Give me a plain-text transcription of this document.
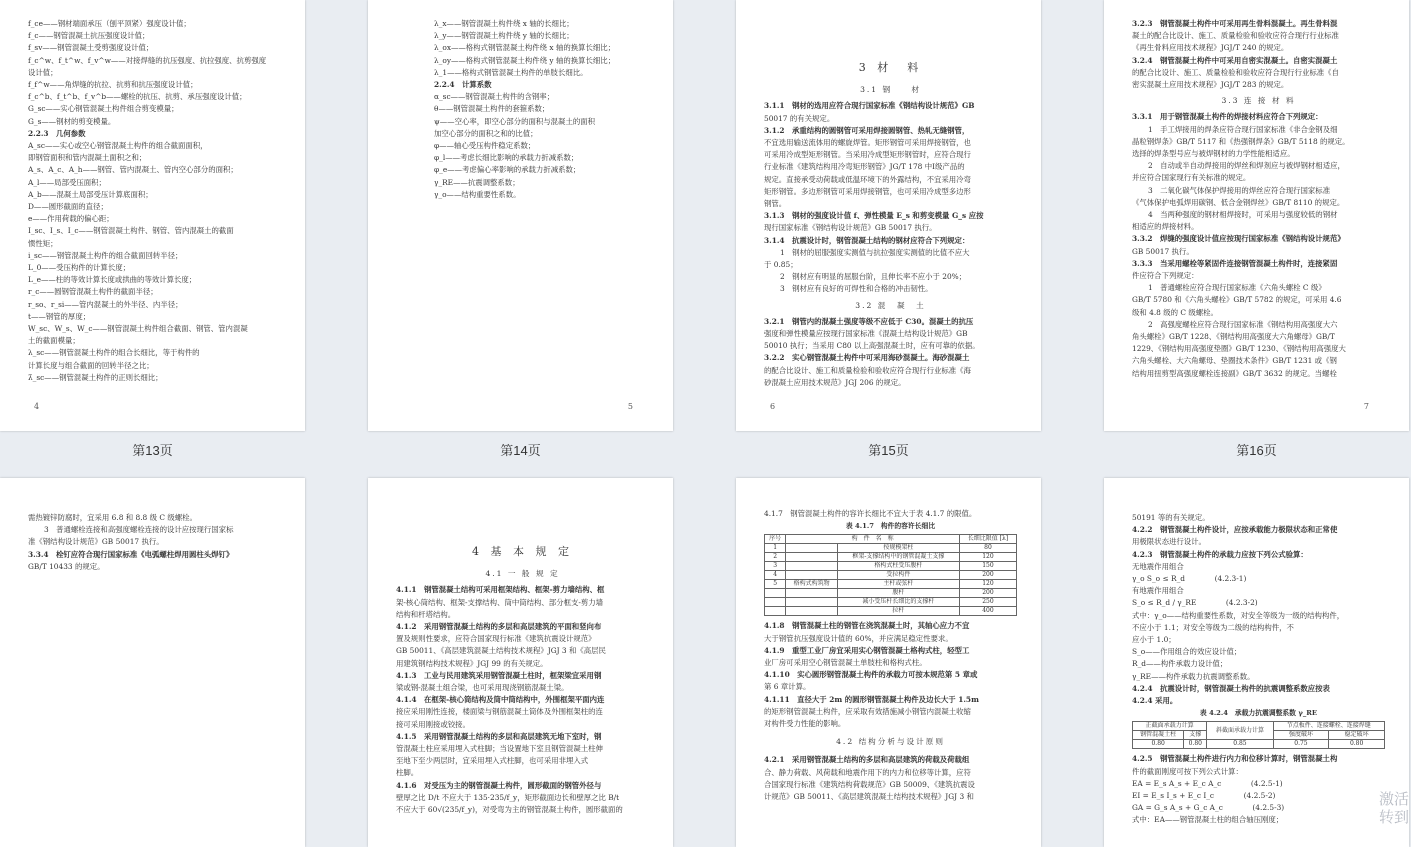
f_ce——钢材端面承压（刨平顶紧）强度设计值；
f_c——钢管混凝土抗压强度设计值；
f_sv——钢管混凝土受剪强度设计值；
f_c^w、f_t^w、f_v^w——对接焊缝的抗压强度、抗拉强度、抗剪强度
设计值；
f_f^w——角焊缝的抗拉、抗剪和抗压强度设计值；
f_c^b、f_t^b、f_v^b——螺栓的抗压、抗剪、承压强度设计值；
G_sc——实心钢管混凝土构件组合剪变模量；
G_s——钢材的剪变模量。
2.2.3　几何参数
A_sc——实心或空心钢管混凝土构件的组合截面面积，
即钢管面积和管内混凝土面积之和；
A_s、A_c、A_h——钢管、管内混凝土、管内空心部分的面积；
A_l——局部受压面积；
A_b——混凝土局部受压计算底面积；
D——圆形截面的直径；
e——作用荷载的偏心距；
I_sc、I_s、I_c——钢管混凝土构件、钢管、管内混凝土的截面
惯性矩；
i_sc——钢管混凝土构件的组合截面回转半径；
L_0——受压构件的计算长度；
L_e——柱的等效计算长度或拱曲的等效计算长度；
r_c——圆钢管混凝土构件的截面半径；
r_so、r_si——管内混凝土的外半径、内半径；
t——钢管的厚度；
W_sc、W_s、W_c——钢管混凝土构件组合截面、钢管、管内混凝
土的截面模量；
λ_sc——钢管混凝土构件的组合长细比，等于构件的
计算长度与组合截面的回转半径之比；
λ̄_sc——钢管混凝土构件的正则长细比；
4
第13页
λ_x——钢管混凝土构件绕 x 轴的长细比；
λ_y——钢管混凝土构件绕 y 轴的长细比；
λ_ox——格构式钢管混凝土构件绕 x 轴的换算长细比；
λ_oy——格构式钢管混凝土构件绕 y 轴的换算长细比；
λ_1——格构式钢管混凝土构件的单肢长细比。
2.2.4　计算系数
α_sc——钢管混凝土构件的含钢率；
θ——钢管混凝土构件的套箍系数；
ψ——空心率，即空心部分的面积与混凝土的面积
加空心部分的面积之和的比值；
φ——轴心受压构件稳定系数；
φ_l——考虑长细比影响的承载力折减系数；
φ_e——考虑偏心率影响的承载力折减系数；
γ_RE——抗震调整系数；
γ_o——结构重要性系数。
5
第14页
3 材　料
3.1 钢　　材
3.1.1　钢材的选用应符合现行国家标准《钢结构设计规范》GB
50017 的有关规定。
3.1.2　承重结构的圆钢管可采用焊接圆钢管、热轧无缝钢管，
不宜选用输送流体用的螺旋焊管。矩形钢管可采用焊接钢管，也
可采用冷成型矩形钢管。当采用冷成型矩形钢管时，应符合现行
行业标准《建筑结构用冷弯矩形钢管》JG/T 178 中Ⅰ级产品的
规定。直接承受动荷载或低温环境下的外露结构，不宜采用冷弯
矩形钢管。多边形钢管可采用焊接钢管，也可采用冷成型多边形
钢管。
3.1.3　钢材的强度设计值 f、弹性模量 E_s 和剪变模量 G_s 应按
现行国家标准《钢结构设计规范》GB 50017 执行。
3.1.4　抗震设计时，钢管混凝土结构的钢材应符合下列规定：
1　钢材的屈服强度实测值与抗拉强度实测值的比值不应大
于 0.85；
2　钢材应有明显的屈服台阶，且伸长率不应小于 20%；
3　钢材应有良好的可焊性和合格的冲击韧性。
3.2 混　凝　土
3.2.1　钢管内的混凝土强度等级不应低于 C30。混凝土的抗压
强度和弹性模量应按现行国家标准《混凝土结构设计规范》GB
50010 执行；当采用 C80 以上高强混凝土时，应有可靠的依据。
3.2.2　实心钢管混凝土构件中可采用海砂混凝土。海砂混凝土
的配合比设计、施工和质量检验和验收应符合现行行业标准《海
砂混凝土应用技术规范》JGJ 206 的规定。
6
第15页
3.2.3　钢管混凝土构件中可采用再生骨料混凝土。再生骨料混
凝土的配合比设计、施工、质量检验和验收应符合现行行业标准
《再生骨料应用技术规程》JGJ/T 240 的规定。
3.2.4　钢管混凝土构件中可采用自密实混凝土。自密实混凝土
的配合比设计、施工、质量检验和验收应符合现行行业标准《自
密实混凝土应用技术规程》JGJ/T 283 的规定。
3.3 连 接 材 料
3.3.1　用于钢管混凝土构件的焊接材料应符合下列规定：
1　手工焊接用的焊条应符合现行国家标准《非合金钢及细
晶粒钢焊条》GB/T 5117 和《热强钢焊条》GB/T 5118 的规定。
选择的焊条型号应与被焊钢材的力学性能相适应。
2　自动或半自动焊接用的焊丝和焊剂应与被焊钢材相适应，
并应符合国家现行有关标准的规定。
3　二氧化碳气体保护焊接用的焊丝应符合现行国家标准
《气体保护电弧焊用碳钢、低合金钢焊丝》GB/T 8110 的规定。
4　当两种强度的钢材相焊接时，可采用与强度较低的钢材
相适应的焊接材料。
3.3.2　焊缝的强度设计值应按现行国家标准《钢结构设计规范》
GB 50017 执行。
3.3.3　当采用螺栓等紧固件连接钢管混凝土构件时，连接紧固
件应符合下列规定：
1　普通螺栓应符合现行国家标准《六角头螺栓 C 级》
GB/T 5780 和《六角头螺栓》GB/T 5782 的规定，可采用 4.6
级和 4.8 级的 C 级螺栓。
2　高强度螺栓应符合现行国家标准《钢结构用高强度大六
角头螺栓》GB/T 1228、《钢结构用高强度大六角螺母》GB/T
1229、《钢结构用高强度垫圈》GB/T 1230、《钢结构用高强度大
六角头螺栓、大六角螺母、垫圈技术条件》GB/T 1231 或《钢
结构用扭剪型高强度螺栓连接副》GB/T 3632 的规定。当螺栓
7
第16页
需热镀锌防腐时，宜采用 6.8 和 8.8 级 C 级螺栓。
3　普通螺栓连接和高强度螺栓连接的设计应按现行国家标
准《钢结构设计规范》GB 50017 执行。
3.3.4　栓钉应符合现行国家标准《电弧螺柱焊用圆柱头焊钉》
GB/T 10433 的规定。
4 基 本 规 定
4.1 一 般 规 定
4.1.1　钢管混凝土结构可采用框架结构、框架-剪力墙结构、框
架-核心筒结构、框架-支撑结构、筒中筒结构、部分框支-剪力墙
结构和杆塔结构。
4.1.2　采用钢管混凝土结构的多层和高层建筑的平面和竖向布
置及规则性要求，应符合国家现行标准《建筑抗震设计规范》
GB 50011、《高层建筑混凝土结构技术规程》JGJ 3 和《高层民
用建筑钢结构技术规程》JGJ 99 的有关规定。
4.1.3　工业与民用建筑采用钢管混凝土柱时，框架梁宜采用钢
梁或钢-混凝土组合梁，也可采用现浇钢筋混凝土梁。
4.1.4　在框架-核心筒结构及筒中筒结构中，外围框架平面内连
接应采用刚性连接，楼面梁与钢筋混凝土筒体及外围框架柱的连
接可采用刚接或铰接。
4.1.5　采用钢管混凝土结构的多层和高层建筑无地下室时，钢
管混凝土柱应采用埋入式柱脚；当设置地下室且钢管混凝土柱伸
至地下至少两层时，宜采用埋入式柱脚，也可采用非埋入式
柱脚。
4.1.6　对受压为主的钢管混凝土构件，圆形截面的钢管外径与
壁厚之比 D/t 不应大于 135·235/f_y，矩形截面边长和壁厚之比 B/t
不应大于 60√(235/f_y)，对受弯为主的钢管混凝土构件，圆形截面的
4.1.7　钢管混凝土构件的容许长细比不宜大于表 4.1.7 的限值。
表 4.1.7　构件的容许长细比
序号	构　件　名　称		长细比限值 [λ]
1		按规模架柱	80
2		框架-支撑结构中的钢管混凝土支撑	120
3		格构式柱受压腹杆	150
4		受拉构件	200
5	格构式构筑物	主杆或弦杆	120
		腹杆	200
		减小受压杆长细比的支撑杆	250
		拉杆	400
4.1.8　钢管混凝土柱的钢管在浇筑混凝土时，其轴心应力不宜
大于钢管抗压强度设计值的 60%，并应满足稳定性要求。
4.1.9　重型工业厂房宜采用实心钢管混凝土格构式柱，轻型工
业厂房可采用空心钢管混凝土单肢柱和格构式柱。
4.1.10　实心圆形钢管混凝土构件的承载力可按本规范第 5 章或
第 6 章计算。
4.1.11　直径大于 2m 的圆形钢管混凝土构件及边长大于 1.5m
的矩形钢管混凝土构件，应采取有效措施减小钢管内混凝土收缩
对构件受力性能的影响。
4.2 结构分析与设计原则
4.2.1　采用钢管混凝土结构的多层和高层建筑的荷载及荷载组
合、静力荷载、风荷载和地震作用下的内力和位移等计算，应符
合国家现行标准《建筑结构荷载规范》GB 50009、《建筑抗震设
计规范》GB 50011、《高层建筑混凝土结构技术规程》JGJ 3 和
50191 等的有关规定。
4.2.2　钢管混凝土构件设计，应按承载能力极限状态和正常使
用极限状态进行设计。
4.2.3　钢管混凝土构件的承载力应按下列公式验算：
无地震作用组合
γ_o S_o ≤ R_d　　　　(4.2.3-1)
有地震作用组合
S_o ≤ R_d / γ_RE　　　　(4.2.3-2)
式中：γ_o——结构重要性系数，对安全等级为一级的结构构件，
不应小于 1.1；对安全等级为二级的结构构件，不
应小于 1.0；
S_o——作用组合的效应设计值；
R_d——构件承载力设计值；
γ_RE——构件承载力抗震调整系数。
4.2.4　抗震设计时，钢管混凝土构件的抗震调整系数应按表
4.2.4 采用。
表 4.2.4　承载力抗震调整系数 γ_RE
正截面承载力计算		斜截面承载力计算	节点板件、连接螺栓、连接焊缝	
钢管混凝土柱	支撑		强度破坏	稳定破坏
0.80	0.80	0.85	0.75	0.80
4.2.5　钢管混凝土构件进行内力和位移计算时，钢管混凝土构
件的截面刚度可按下列公式计算：
EA = E_s A_s + E_c A_c　　　　(4.2.5-1)
EI = E_s I_s + E_c I_c　　　　(4.2.5-2)
GA = G_s A_s + G_c A_c　　　　(4.2.5-3)
式中：EA——钢管混凝土柱的组合轴压刚度；
激活
转到
